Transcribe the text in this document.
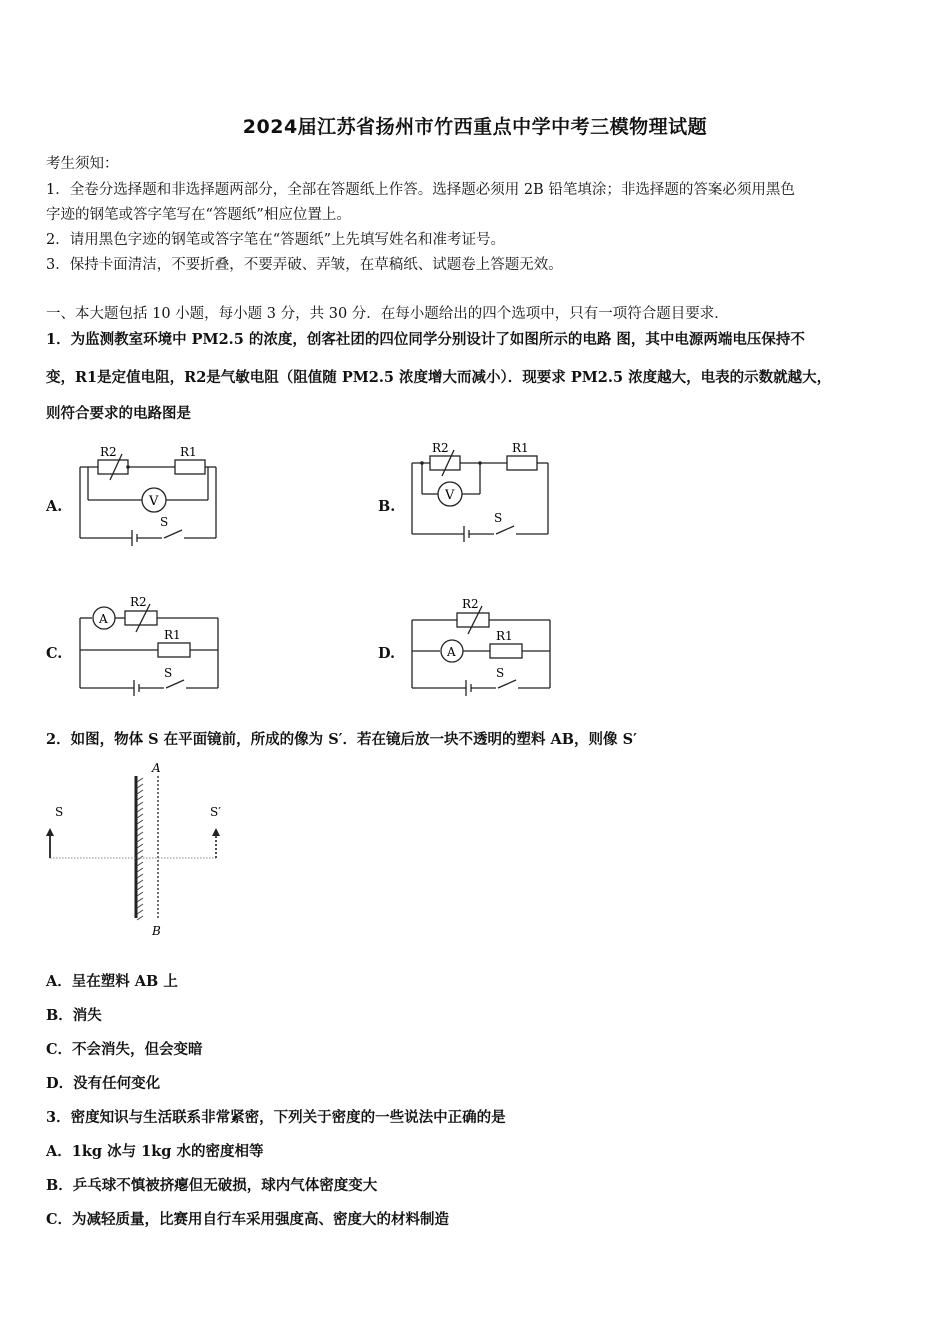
2024届江苏省扬州市竹西重点中学中考三模物理试题
考生须知：
1．全卷分选择题和非选择题两部分，全部在答题纸上作答。选择题必须用 2B 铅笔填涂；非选择题的答案必须用黑色
字迹的钢笔或答字笔写在“答题纸”相应位置上。
2．请用黑色字迹的钢笔或答字笔在“答题纸”上先填写姓名和准考证号。
3．保持卡面清洁，不要折叠，不要弄破、弄皱，在草稿纸、试题卷上答题无效。
一、本大题包括 10 小题，每小题 3 分，共 30 分．在每小题给出的四个选项中，只有一项符合题目要求．
1．为监测教室环境中 PM2.5 的浓度，创客社团的四位同学分别设计了如图所示的电路 图，其中电源两端电压保持不
变，R1是定值电阻，R2是气敏电阻（阻值随 PM2.5 浓度增大而减小）．现要求 PM2.5 浓度越大，电表的示数就越大，
则符合要求的电路图是
A.	B.
C.	D.
R2	R1
V
S
R2	R1
V
S
A
R2
R1
S
R2
A
R1
S
2．如图，物体 S 在平面镜前，所成的像为 S′．若在镜后放一块不透明的塑料 AB，则像 S′
A
B
S	S′
A．呈在塑料 AB 上
B．消失
C．不会消失，但会变暗
D．没有任何变化
3．密度知识与生活联系非常紧密，下列关于密度的一些说法中正确的是
A．1kg 冰与 1kg 水的密度相等
B．乒乓球不慎被挤瘪但无破损，球内气体密度变大
C．为减轻质量，比赛用自行车采用强度高、密度大的材料制造
